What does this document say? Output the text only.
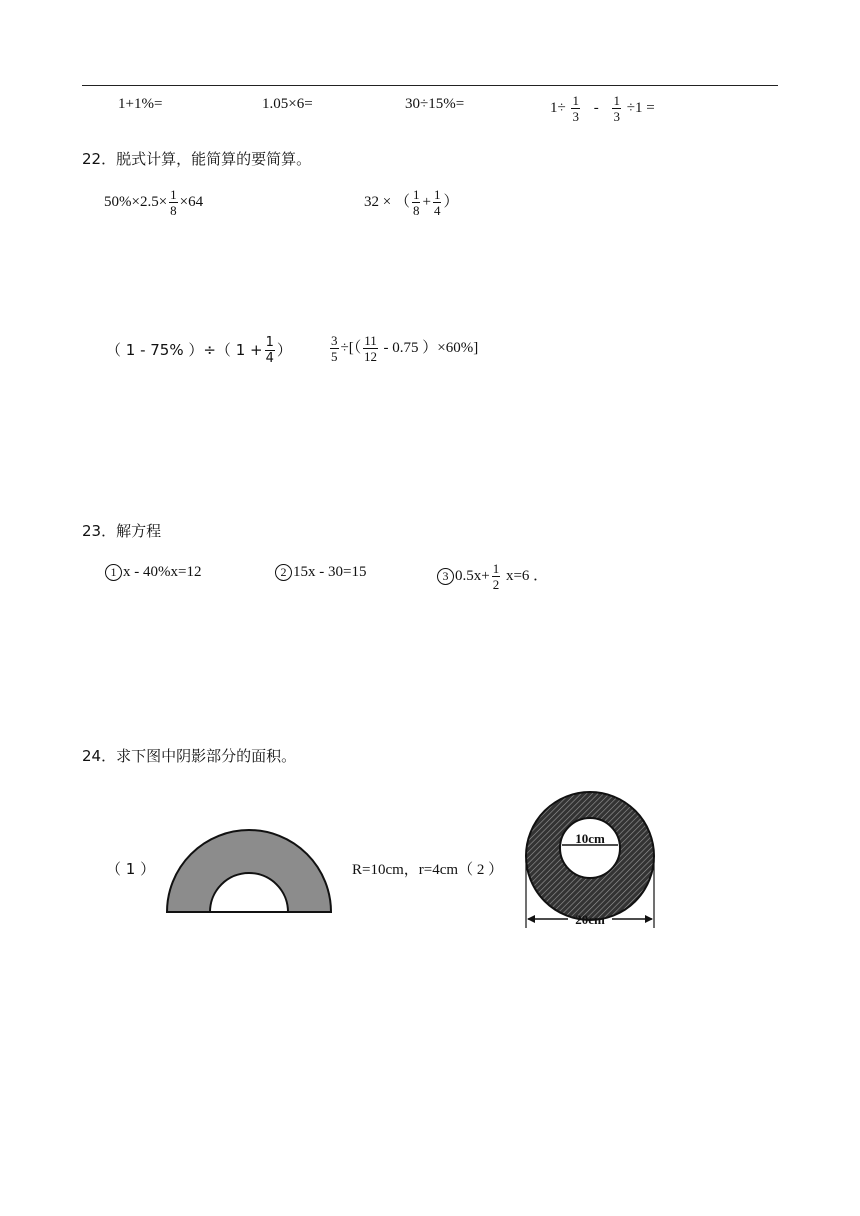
1+1%=	1.05×6=	30÷15%=	$1\div \frac{1}{3} - \frac{1}{3} \div 1$ =
22．脱式计算，能简算的要简算。
$50\%\times 2.5\times \frac{1}{8} \times 64$	32 × （ $\frac{1}{8} + \frac{1}{4}$ ）
（ 1 - 75% ）÷（ $1 + \frac{1}{4}$ ）	$\frac{3}{5}$ ÷[（ $\frac{11}{12} - 0.75$ ）×60%]
23．解方程
1 x - 40%x=12	2 15x - 30=15	3 $0.5x+ \frac{1}{2} x=6$ ．
24．求下图中阴影部分的面积。
（ 1 ）	R=10cm，r=4cm（ 2 ）
10cm
20cm
